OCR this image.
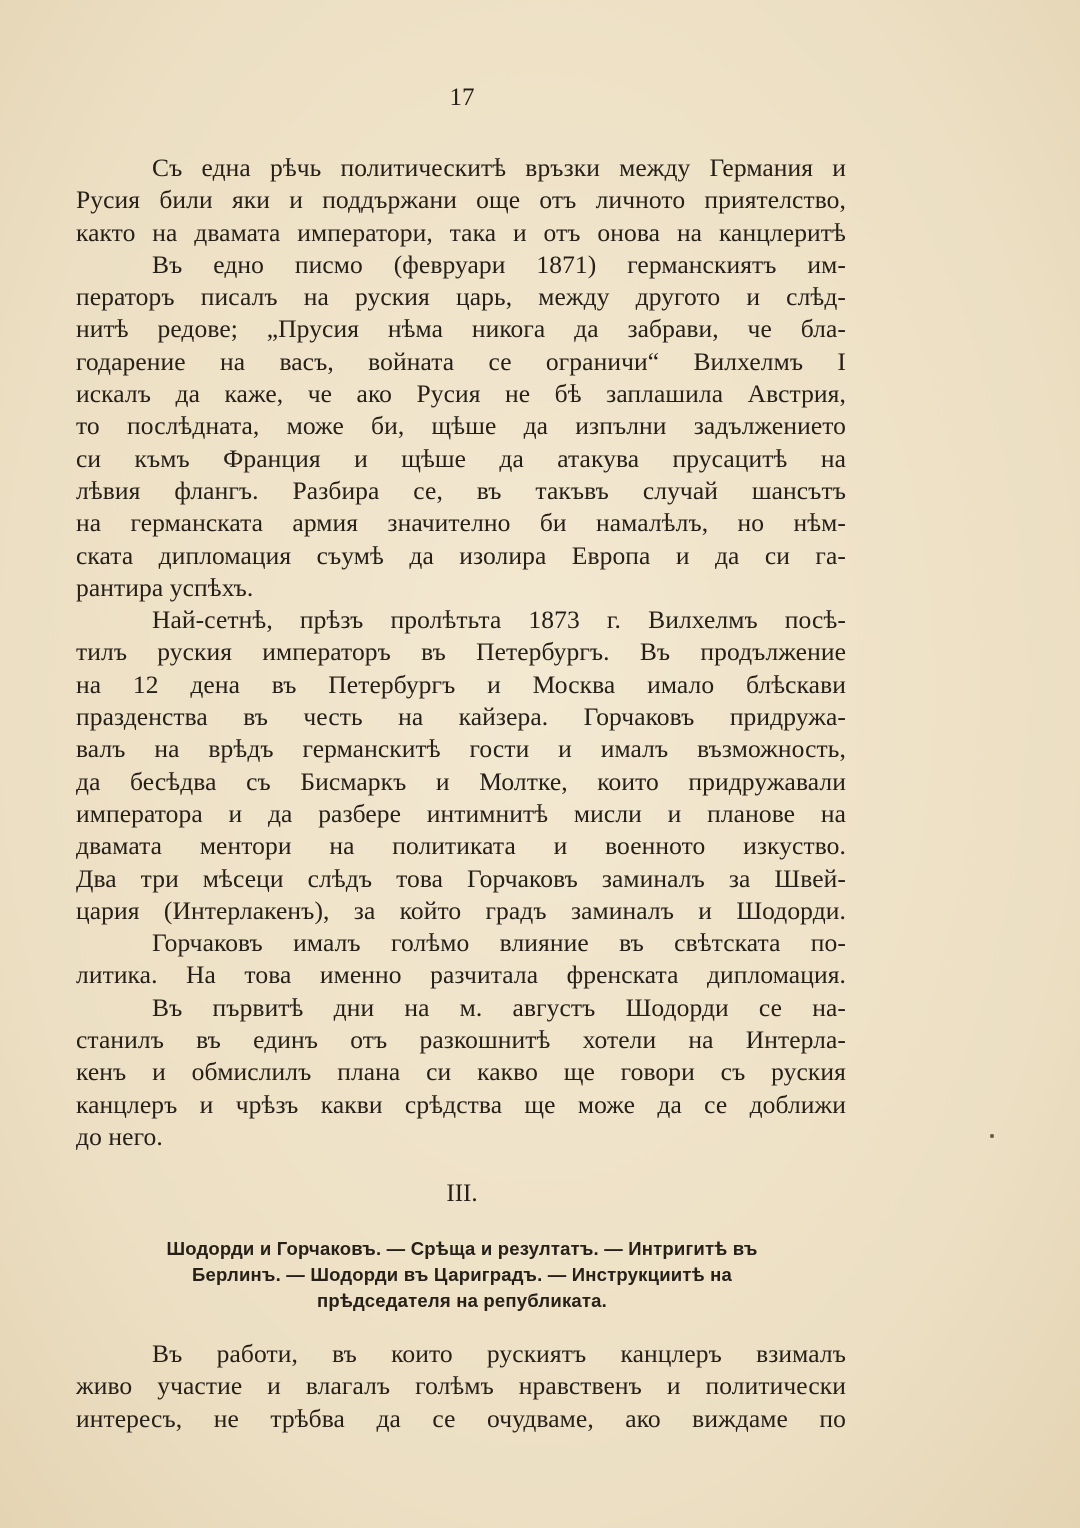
17
Съ една рѣчь политическитѣ връзки между Германия и
Русия били яки и поддържани още отъ личното приятелство,
както на двамата императори, така и отъ онова на канцлеритѣ
Въ едно писмо (февруари 1871) германскиятъ им-
ператоръ писалъ на руския царь, между другото и слѣд-
нитѣ редове; „Прусия нѣма никога да забрави, че бла-
годарение на васъ, войната се ограничи“ Вилхелмъ I
искалъ да каже, че ако Русия не бѣ заплашила Австрия,
то послѣдната, може би, щѣше да изпълни задължението
си къмъ Франция и щѣше да атакува прусацитѣ на
лѣвия флангъ. Разбира се, въ такъвъ случай шансътъ
на германската армия значително би намалѣлъ, но нѣм-
ската дипломация съумѣ да изолира Европа и да си га-
рантира успѣхъ.
Най-сетнѣ, прѣзъ пролѣтьта 1873 г. Вилхелмъ посѣ-
тилъ руския императоръ въ Петербургъ. Въ продължение
на 12 дена въ Петербургъ и Москва имало блѣскави
празденства въ честь на кайзера. Горчаковъ придружа-
валъ на врѣдъ германскитѣ гости и ималъ възможность,
да бесѣдва съ Бисмаркъ и Молтке, които придружавали
императора и да разбере интимнитѣ мисли и планове на
двамата ментори на политиката и военното изкуство.
Два три мѣсеци слѣдъ това Горчаковъ заминалъ за Швей-
цария (Интерлакенъ), за който градъ заминалъ и Шодорди.
Горчаковъ ималъ голѣмо влияние въ свѣтската по-
литика. На това именно разчитала френската дипломация.
Въ първитѣ дни на м. августъ Шодорди се на-
станилъ въ единъ отъ разкошнитѣ хотели на Интерла-
кенъ и обмислилъ плана си какво ще говори съ руския
канцлеръ и чрѣзъ какви срѣдства ще може да се доближи
до него.
III.
Шодорди и Горчаковъ. — Срѣща и резултатъ. — Интригитѣ въ
Берлинъ. — Шодорди въ Цариградъ. — Инструкциитѣ на
прѣдседателя на републиката.
Въ работи, въ които рускиятъ канцлеръ взималъ
живо участие и влагалъ голѣмъ нравственъ и политически
интересъ, не трѣбва да се очудваме, ако виждаме по
